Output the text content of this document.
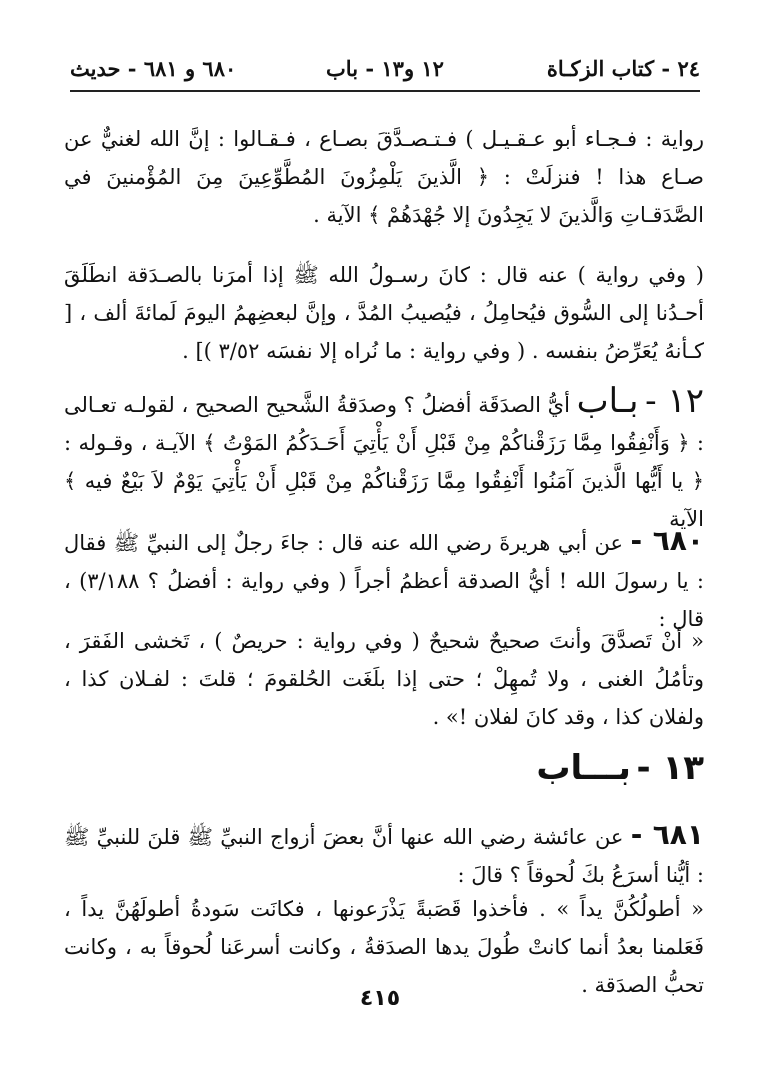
٢٤ - كتاب الزكـاة
١٢ و١٣ - باب
٦٨٠ و ٦٨١ - حديث

رواية : فـجـاء أبو عـقـيـل ) فـتـصـدَّقَ بصـاع ، فـقـالوا : إنَّ الله لغنيٌّ عن صـاع هذا ! فنزلَتْ : ﴿ الَّذينَ يَلْمِزُونَ المُطَّوِّعِينَ مِنَ المُؤْمنينَ في الصَّدَقـاتِ وَالَّذينَ لا يَجِدُونَ إلا جُهْدَهُمْ ﴾ الآية .

( وفي رواية ) عنه قال : كانَ رسـولُ الله ﷺ إذا أمرَنا بالصـدَقة انطَلَقَ أحـدُنا إلى السُّوق فيُحامِلُ ، فيُصيبُ المُدَّ ، وإنَّ لبعضِهمُ اليومَ لَمائةَ ألف ، [ كـأنهُ يُعَرِّضُ بنفسه . ( وفي رواية : ما نُراه إلا نفسَه ٣/٥٢ )] .

١٢ - بـاب أيُّ الصدَقَة أفضلُ ؟ وصدَقةُ الشَّحيح الصحيح ، لقولـه تعـالى : ﴿ وَأَنْفِقُوا مِمَّا رَزَقْناكُمْ مِنْ قَبْلِ أَنْ يَأْتِيَ أَحَـدَكُمُ المَوْتُ ﴾ الآيـة ، وقـوله : ﴿ يا أَيُّها الَّذينَ آمَنُوا أَنْفِقُوا مِمَّا رَزَقْناكُمْ مِنْ قَبْلِ أَنْ يَأْتِيَ يَوْمٌ لاَ بَيْعٌ فيه ﴾ الآية

٦٨٠ - عن أبي هريرةَ رضي الله عنه قال : جاءَ رجلٌ إلى النبيِّ ﷺ فقال : يا رسولَ الله ! أيُّ الصدقة أعظمُ أجراً ( وفي رواية : أفضلُ ؟ ٣/١٨٨) ، قال :

« أنْ تَصدَّقَ وأنتَ صحيحٌ شحيحٌ ( وفي رواية : حريصٌ ) ، تَخشى الفَقرَ ، وتأمُلُ الغنى ، ولا تُمهِلْ ؛ حتى إذا بلَغَت الحُلقومَ ؛ قلتَ : لفـلان كذا ، ولفلان كذا ، وقد كانَ لفلان !» .

١٣ - بـــاب

٦٨١ - عن عائشة رضي الله عنها أنَّ بعضَ أزواج النبيِّ ﷺ قلنَ للنبيِّ ﷺ : أيُّنا أسرَعُ بكَ لُحوقاً ؟ قالَ :

« أطولُكُنَّ يداً » . فأخذوا قَصَبةً يَذْرَعونها ، فكانَت سَودةُ أطولَهُنَّ يداً ، فَعَلمنا بعدُ أنما كانتْ طُولَ يدها الصدَقةُ ، وكانت أسرعَنا لُحوقاً به ، وكانت تحبُّ الصدَقة .

٤١٥
